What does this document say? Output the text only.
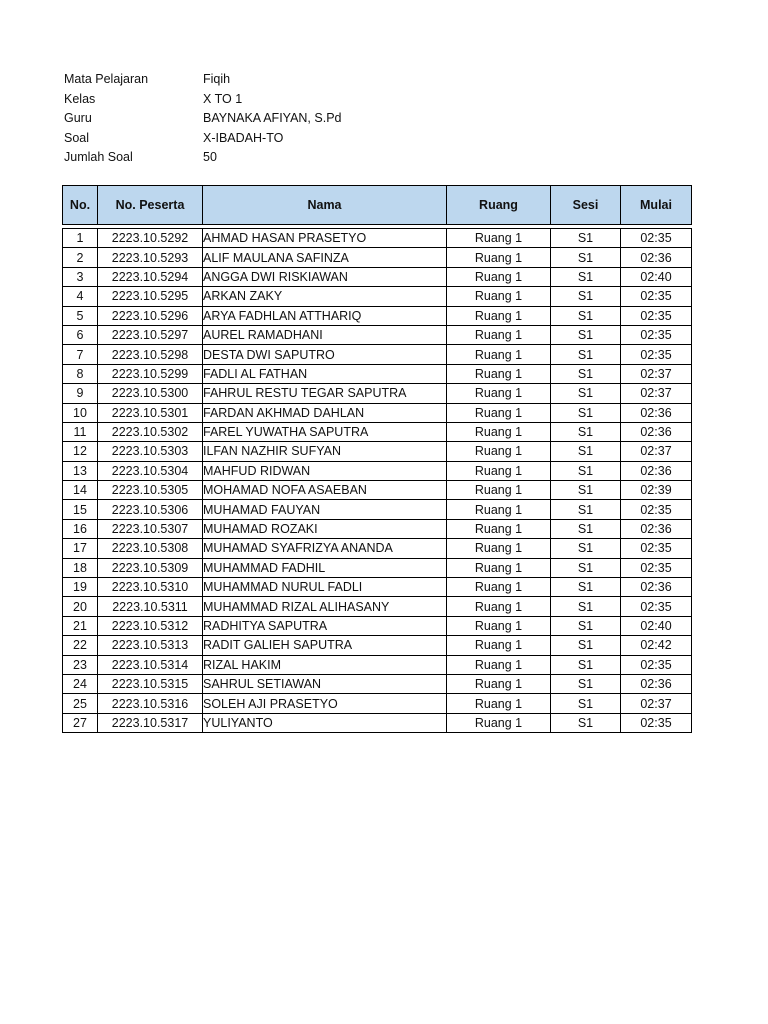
Mata Pelajaran	Fiqih
Kelas	X TO 1
Guru	BAYNAKA AFIYAN, S.Pd
Soal	X-IBADAH-TO
Jumlah Soal	50
No.	No. Peserta	Nama	Ruang	Sesi	Mulai

1	2223.10.5292	AHMAD HASAN PRASETYO	Ruang 1	S1	02:35
2	2223.10.5293	ALIF MAULANA SAFINZA	Ruang 1	S1	02:36
3	2223.10.5294	ANGGA DWI RISKIAWAN	Ruang 1	S1	02:40
4	2223.10.5295	ARKAN ZAKY	Ruang 1	S1	02:35
5	2223.10.5296	ARYA FADHLAN ATTHARIQ	Ruang 1	S1	02:35
6	2223.10.5297	AUREL RAMADHANI	Ruang 1	S1	02:35
7	2223.10.5298	DESTA DWI SAPUTRO	Ruang 1	S1	02:35
8	2223.10.5299	FADLI AL FATHAN	Ruang 1	S1	02:37
9	2223.10.5300	FAHRUL RESTU TEGAR SAPUTRA	Ruang 1	S1	02:37
10	2223.10.5301	FARDAN AKHMAD DAHLAN	Ruang 1	S1	02:36
11	2223.10.5302	FAREL YUWATHA SAPUTRA	Ruang 1	S1	02:36
12	2223.10.5303	ILFAN NAZHIR SUFYAN	Ruang 1	S1	02:37
13	2223.10.5304	MAHFUD RIDWAN	Ruang 1	S1	02:36
14	2223.10.5305	MOHAMAD NOFA ASAEBAN	Ruang 1	S1	02:39
15	2223.10.5306	MUHAMAD FAUYAN	Ruang 1	S1	02:35
16	2223.10.5307	MUHAMAD ROZAKI	Ruang 1	S1	02:36
17	2223.10.5308	MUHAMAD SYAFRIZYA ANANDA	Ruang 1	S1	02:35
18	2223.10.5309	MUHAMMAD FADHIL	Ruang 1	S1	02:35
19	2223.10.5310	MUHAMMAD NURUL FADLI	Ruang 1	S1	02:36
20	2223.10.5311	MUHAMMAD RIZAL ALIHASANY	Ruang 1	S1	02:35
21	2223.10.5312	RADHITYA SAPUTRA	Ruang 1	S1	02:40
22	2223.10.5313	RADIT GALIEH SAPUTRA	Ruang 1	S1	02:42
23	2223.10.5314	RIZAL HAKIM	Ruang 1	S1	02:35
24	2223.10.5315	SAHRUL SETIAWAN	Ruang 1	S1	02:36
25	2223.10.5316	SOLEH AJI PRASETYO	Ruang 1	S1	02:37
27	2223.10.5317	YULIYANTO	Ruang 1	S1	02:35
